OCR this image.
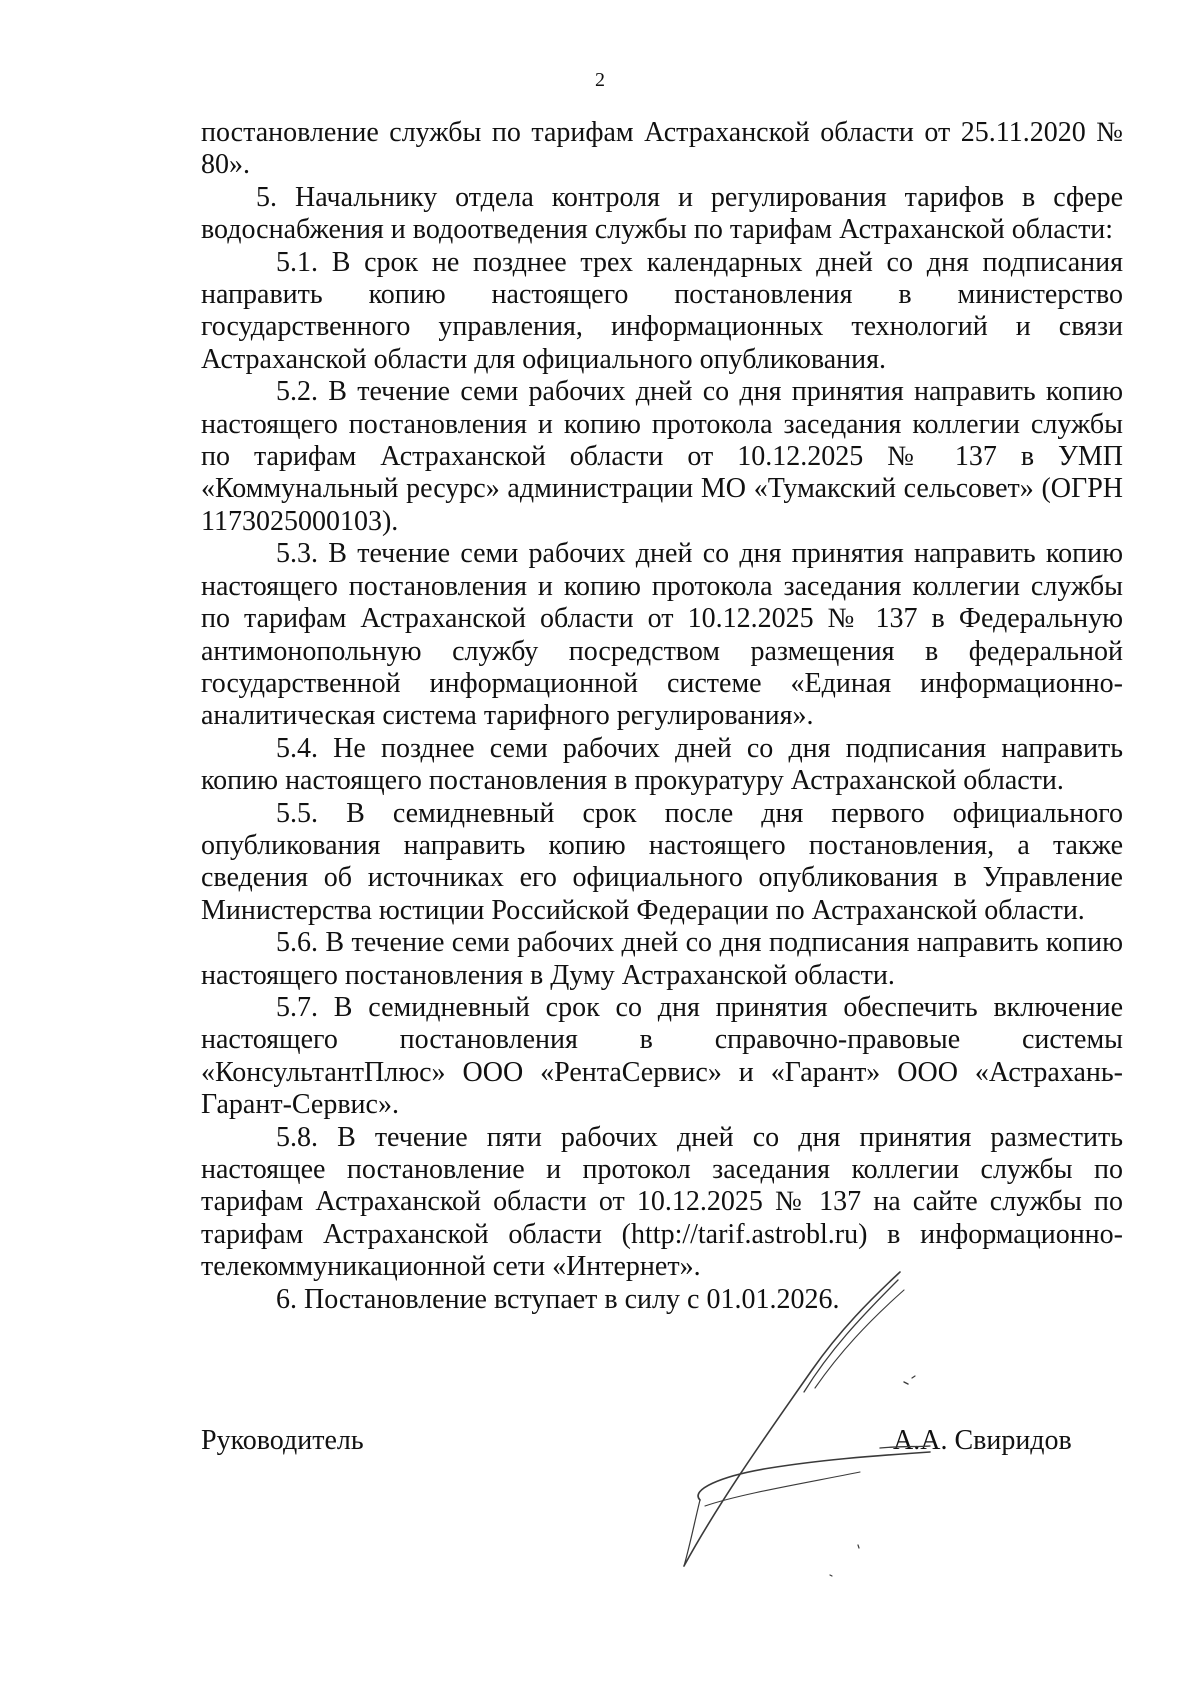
2

постановление службы по тарифам Астраханской области от 25.11.2020 № 80».

5. Начальнику отдела контроля и регулирования тарифов в сфере водоснабжения и водоотведения службы по тарифам Астраханской области:

5.1. В срок не позднее трех календарных дней со дня подписания направить копию настоящего постановления в министерство государственного управления, информационных технологий и связи Астраханской области для официального опубликования.

5.2. В течение семи рабочих дней со дня принятия направить копию настоящего постановления и копию протокола заседания коллегии службы по тарифам Астраханской области от 10.12.2025 № 137 в УМП «Коммунальный ресурс» администрации МО «Тумакский сельсовет» (ОГРН 1173025000103).

5.3. В течение семи рабочих дней со дня принятия направить копию настоящего постановления и копию протокола заседания коллегии службы по тарифам Астраханской области от 10.12.2025 № 137 в Федеральную антимонопольную службу посредством размещения в федеральной государственной информационной системе «Единая информационно-аналитическая система тарифного регулирования».

5.4. Не позднее семи рабочих дней со дня подписания направить копию настоящего постановления в прокуратуру Астраханской области.

5.5. В семидневный срок после дня первого официального опубликования направить копию настоящего постановления, а также сведения об источниках его официального опубликования в Управление Министерства юстиции Российской Федерации по Астраханской области.

5.6. В течение семи рабочих дней со дня подписания направить копию настоящего постановления в Думу Астраханской области.

5.7. В семидневный срок со дня принятия обеспечить включение настоящего постановления в справочно-правовые системы «КонсультантПлюс» ООО «РентаСервис» и «Гарант» ООО «Астрахань-Гарант-Сервис».

5.8. В течение пяти рабочих дней со дня принятия разместить настоящее постановление и протокол заседания коллегии службы по тарифам Астраханской области от 10.12.2025 № 137 на сайте службы по тарифам Астраханской области (http://tarif.astrobl.ru) в информационно-телекоммуникационной сети «Интернет».

6. Постановление вступает в силу с 01.01.2026.

Руководитель	А.А. Свиридов
